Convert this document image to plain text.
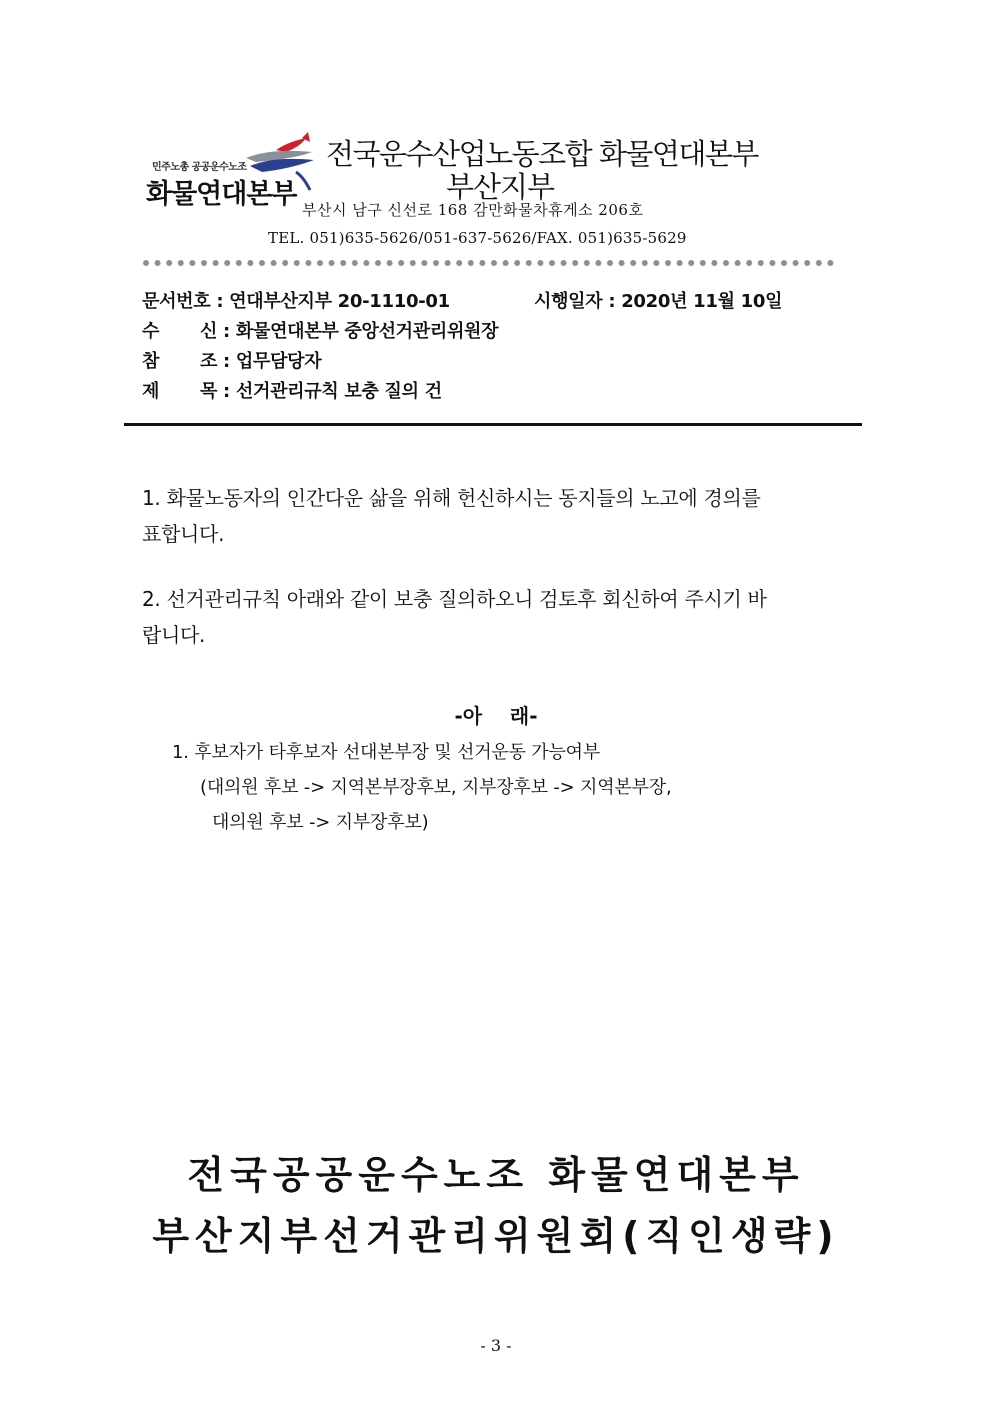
민주노총 공공운수노조
화물연대본부
전국운수산업노동조합 화물연대본부
부산지부
부산시 남구 신선로 168 감만화물차휴게소 206호
TEL. 051)635-5626/051-637-5626/FAX. 051)635-5629
문서번호 : 연대부산지부 20-1110-01	시행일자 : 2020년 11월 10일
수 신 : 화물연대본부 중앙선거관리위원장
참 조 : 업무담당자
제 목 : 선거관리규칙 보충 질의 건
1. 화물노동자의 인간다운 삶을 위해 헌신하시는 동지들의 노고에 경의를
표합니다.
2. 선거관리규칙 아래와 같이 보충 질의하오니 검토후 회신하여 주시기 바
랍니다.
-아    래-
1. 후보자가 타후보자 선대본부장 및 선거운동 가능여부
(대의원 후보 -> 지역본부장후보, 지부장후보 -> 지역본부장,
대의원 후보 -> 지부장후보)
전국공공운수노조 화물연대본부
부산지부선거관리위원회(직인생략)
- 3 -
